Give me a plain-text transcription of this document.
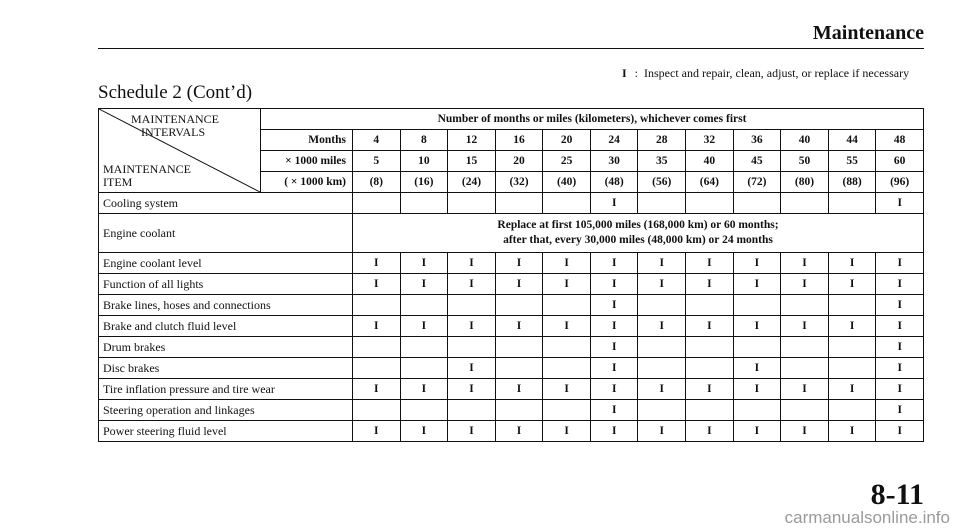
Maintenance
I : Inspect and repair, clean, adjust, or replace if necessary
Schedule 2 (Cont’d)
MAINTENANCE
INTERVALS
MAINTENANCE
ITEM	Number of months or miles (kilometers), whichever comes first												
	Months	4	8	12	16	20	24	28	32	36	40	44	48
	× 1000 miles	5	10	15	20	25	30	35	40	45	50	55	60
	( × 1000 km)	(8)	(16)	(24)	(32)	(40)	(48)	(56)	(64)	(72)	(80)	(88)	(96)
Cooling system							I						I
Engine coolant		Replace at first 105,000 miles (168,000 km) or 60 months;
after that, every 30,000 miles (48,000 km) or 24 months											

Engine coolant level		I	I	I	I	I	I	I	I	I	I	I	I
Function of all lights		I	I	I	I	I	I	I	I	I	I	I	I
Brake lines, hoses and connections							I						I
Brake and clutch fluid level		I	I	I	I	I	I	I	I	I	I	I	I
Drum brakes							I						I
Disc brakes				I			I			I			I
Tire inflation pressure and tire wear		I	I	I	I	I	I	I	I	I	I	I	I
Steering operation and linkages							I						I
Power steering fluid level		I	I	I	I	I	I	I	I	I	I	I	I
8-11
carmanualsonline.info
